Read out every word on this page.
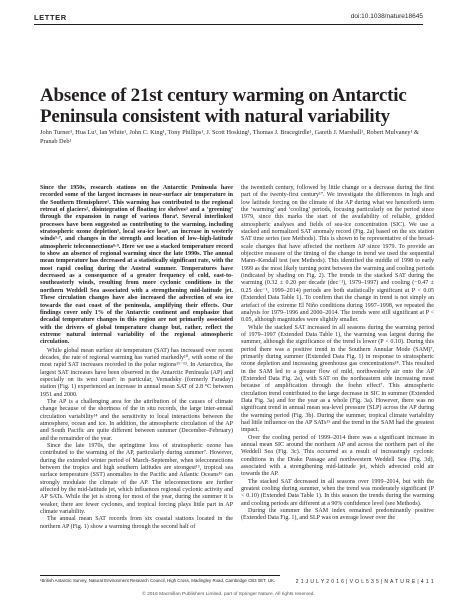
LETTER	doi:10.1038/nature18645
Absence of 21st century warming on Antarctic Peninsula consistent with natural variability
John Turner¹, Hua Lu¹, Ian White¹, John C. King¹, Tony Phillips¹, J. Scott Hosking¹, Thomas J. Bracegirdle¹, Gareth J. Marshall¹, Robert Mulvaney¹ & Pranab Deb¹

Since the 1950s, research stations on the Antarctic Peninsula have recorded some of the largest increases in near-surface air temperature in the Southern Hemisphere¹. This warming has contributed to the regional retreat of glaciers², disintegration of floating ice shelves³ and a ‘greening’ through the expansion in range of various flora⁴. Several interlinked processes have been suggested as contributing to the warming, including stratospheric ozone depletion⁵, local sea-ice loss⁶, an increase in westerly winds⁵·⁷, and changes in the strength and location of low–high-latitude atmospheric teleconnections⁸·⁹. Here we use a stacked temperature record to show an absence of regional warming since the late 1990s. The annual mean temperature has decreased at a statistically significant rate, with the most rapid cooling during the Austral summer. Temperatures have decreased as a consequence of a greater frequency of cold, east-to-southeasterly winds, resulting from more cyclonic conditions in the northern Weddell Sea associated with a strengthening mid-latitude jet. These circulation changes have also increased the advection of sea ice towards the east coast of the peninsula, amplifying their effects. Our findings cover only 1% of the Antarctic continent and emphasize that decadal temperature changes in this region are not primarily associated with the drivers of global temperature change but, rather, reflect the extreme natural internal variability of the regional atmospheric circulation.

While global mean surface air temperature (SAT) has increased over recent decades, the rate of regional warming has varied markedly¹⁰, with some of the most rapid SAT increases recorded in the polar regions¹¹⁻¹³. In Antarctica, the largest SAT increases have been observed in the Antarctic Peninsula (AP) and especially on its west coast¹: in particular, Vernadsky (formerly Faraday) station (Fig. 1) experienced an increase in annual mean SAT of 2.8 °C between 1951 and 2000.

The AP is a challenging area for the attribution of the causes of climate change because of the shortness of the in situ records, the large inter-annual circulation variability¹⁴ and the sensitivity to local interactions between the atmosphere, ocean and ice. In addition, the atmospheric circulation of the AP and South Pacific are quite different between summer (December–February) and the remainder of the year.

Since the late 1970s, the springtime loss of stratospheric ozone has contributed to the warming of the AP, particularly during summer⁷. However, during the extended winter period of March–September, when teleconnections between the tropics and high southern latitudes are strongest¹⁵, tropical sea surface temperature (SST) anomalies in the Pacific and Atlantic Oceans¹⁶ can strongly modulate the climate of the AP. The teleconnections are further affected by the mid-latitude jet, which influences regional cyclonic activity and AP SATs. While the jet is strong for most of the year, during the summer it is weaker, there are fewer cyclones, and tropical forcing plays little part in AP climate variability.

The annual mean SAT records from six coastal stations located in the northern AP (Fig. 1) show a warming through the second half of

the twentieth century, followed by little change or a decrease during the first part of the twenty-first century¹⁷. We investigate the differences in high and low latitude forcing on the climate of the AP during what we henceforth term the ‘warming’ and ‘cooling’ periods, focusing particularly on the period since 1979, since this marks the start of the availability of reliable, gridded atmospheric analyses and fields of sea-ice concentration (SIC). We use a stacked and normalized SAT anomaly record (Fig. 2a) based on the six station SAT time series (see Methods). This is shown to be representative of the broad-scale changes that have affected the northern AP since 1979. To provide an objective measure of the timing of the change in trend we used the sequential Mann–Kendall test (see Methods). This identified the middle of 1998 to early 1999 as the most likely turning point between the warming and cooling periods (indicated by shading on Fig. 2). The trends in the stacked SAT during the warming (0.32 ± 0.20 per decade (dec⁻¹), 1979–1997) and cooling (−0.47 ± 0.25 dec⁻¹, 1999–2014) periods are both statistically significant at P < 0.05 (Extended Data Table 1). To confirm that the change in trend is not simply an artefact of the extreme El Niño conditions during 1997–1998, we repeated the analysis for 1979–1996 and 2000–2014. The trends were still significant at P < 0.05, although magnitudes were slightly smaller.

While the stacked SAT increased in all seasons during the warming period of 1979–1997 (Extended Data Table 1), the warming was largest during the summer, although the significance of the trend is lower (P < 0.10). During this period there was a positive trend in the Southern Annular Mode (SAM)⁷, primarily during summer (Extended Data Fig. 1) in response to stratospheric ozone depletion and increasing greenhouse gas concentrations¹⁸. This resulted in the SAM led to a greater flow of mild, northwesterly air onto the AP (Extended Data Fig. 2a), with SAT on the northeastern side increasing most because of amplification through the foehn effect⁷. This atmospheric circulation trend contributed to the large decrease in SIC in summer (Extended Data Fig. 3a) and for the year as a whole (Fig. 3a). However, there was no significant trend in annual mean sea-level pressure (SLP) across the AP during the warming period (Fig. 3b). During the summer, tropical climate variability had little influence on the AP SATs¹⁵ and the trend in the SAM had the greatest impact.

Over the cooling period of 1999–2014 there was a significant increase in annual mean SIC around the northern AP and across the northern part of the Weddell Sea (Fig. 3c). This occurred as a result of increasingly cyclonic conditions in the Drake Passage and northwestern Weddell Sea (Fig. 3d), associated with a strengthening mid-latitude jet, which advected cold air towards the AP.

The stacked SAT decreased in all seasons over 1999–2014, but with the greatest cooling during summer, when the trend was moderately significant (P < 0.10) (Extended Data Table 1). In this season the trends during the warming and cooling periods are different at a 90% confidence level (see Methods).

During the summer the SAM index remained predominantly positive (Extended Data Fig. 1), and SLP was on average lower over the

¹British Antarctic Survey, Natural Environment Research Council, High Cross, Madingley Road, Cambridge CB3 0ET, UK.	2 1 J U L Y 2 0 1 6 | V O L 5 3 5 | N A T U R E | 4 1 1
© 2016 Macmillan Publishers Limited, part of Springer Nature. All rights reserved.
